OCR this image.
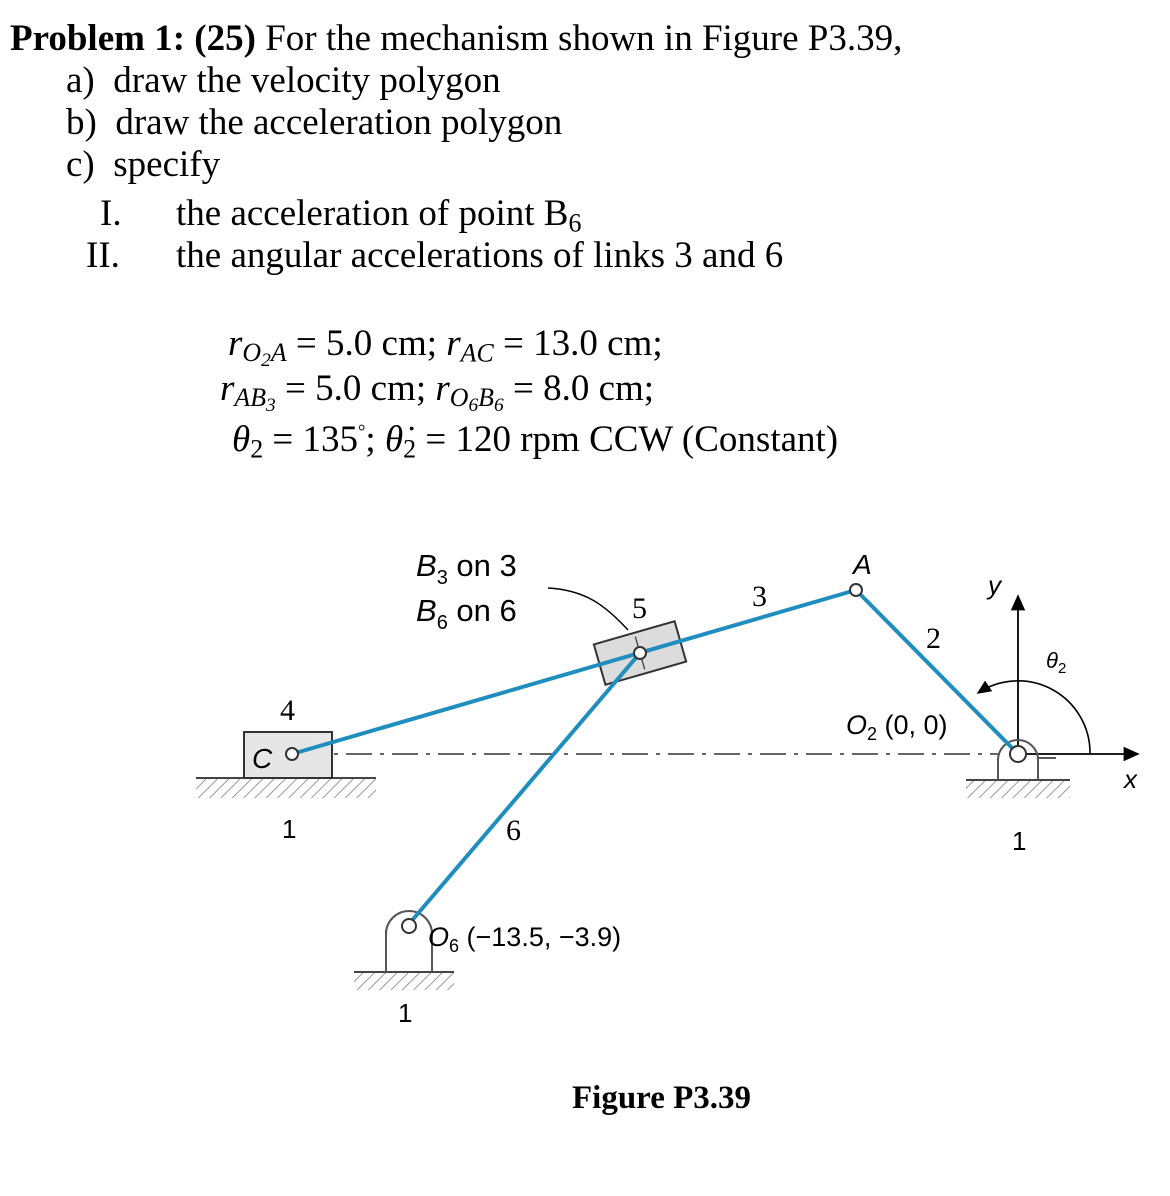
Problem 1: (25) For the mechanism shown in Figure P3.39,
a) draw the velocity polygon
b) draw the acceleration polygon
c) specify
I. the acceleration of point $B_6$
II. the angular accelerations of links 3 and 6
$r_{O_2A} = 5.0$ cm; $r_{AC} = 13.0$ cm;
$r_{AB_3} = 5.0$ cm; $r_{O_6B_6} = 8.0$ cm;
$\theta_2 = 135^\circ$; $\thetȧ_2 = 120$ rpm CCW (Constant)
$B_3$ on 3
$B_6$ on 6	5	3
2
4
6
1
1
1
A
C
$O_2$ (0, 0)
$O_6$ (−13.5, −3.9)
x
y
$\theta_2$
Figure P3.39
